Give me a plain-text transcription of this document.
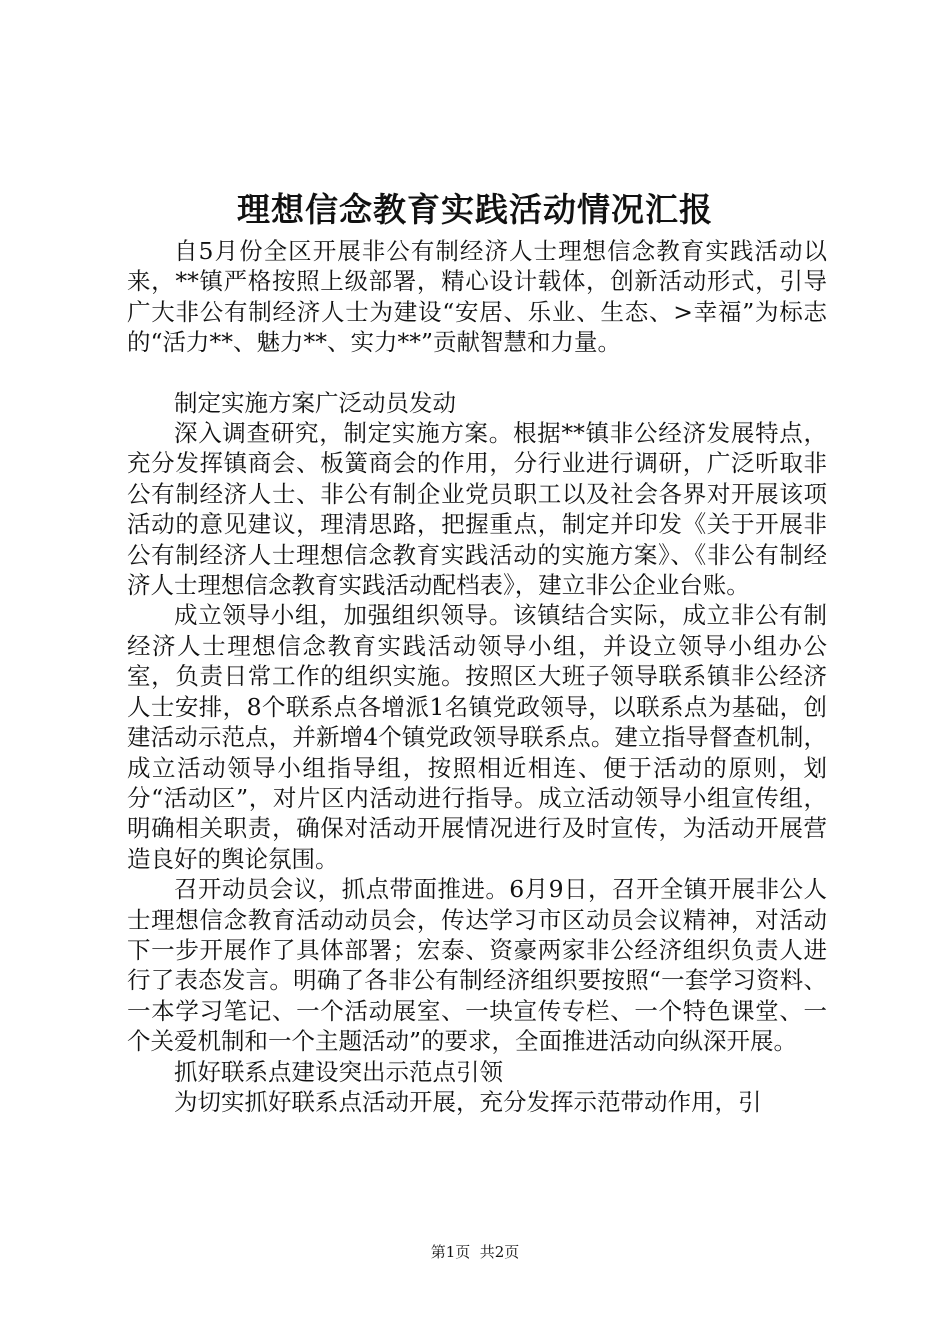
理想信念教育实践活动情况汇报

自5月份全区开展非公有制经济人士理想信念教育实践活动以来，**镇严格按照上级部署，精心设计载体，创新活动形式，引导广大非公有制经济人士为建设“安居、乐业、生态、>幸福”为标志的“活力**、魅力**、实力**”贡献智慧和力量。

制定实施方案广泛动员发动

深入调查研究，制定实施方案。根据**镇非公经济发展特点，充分发挥镇商会、板簧商会的作用，分行业进行调研，广泛听取非公有制经济人士、非公有制企业党员职工以及社会各界对开展该项活动的意见建议，理清思路，把握重点，制定并印发《关于开展非公有制经济人士理想信念教育实践活动的实施方案》、《非公有制经济人士理想信念教育实践活动配档表》，建立非公企业台账。

成立领导小组，加强组织领导。该镇结合实际，成立非公有制经济人士理想信念教育实践活动领导小组，并设立领导小组办公室，负责日常工作的组织实施。按照区大班子领导联系镇非公经济人士安排，8个联系点各增派1名镇党政领导，以联系点为基础，创建活动示范点，并新增4个镇党政领导联系点。建立指导督查机制，成立活动领导小组指导组，按照相近相连、便于活动的原则，划分“活动区”，对片区内活动进行指导。成立活动领导小组宣传组，明确相关职责，确保对活动开展情况进行及时宣传，为活动开展营造良好的舆论氛围。

召开动员会议，抓点带面推进。6月9日，召开全镇开展非公人士理想信念教育活动动员会，传达学习市区动员会议精神，对活动下一步开展作了具体部署；宏泰、资豪两家非公经济组织负责人进行了表态发言。明确了各非公有制经济组织要按照“一套学习资料、一本学习笔记、一个活动展室、一块宣传专栏、一个特色课堂、一个关爱机制和一个主题活动”的要求，全面推进活动向纵深开展。

抓好联系点建设突出示范点引领

为切实抓好联系点活动开展，充分发挥示范带动作用，引

第1页  共2页
